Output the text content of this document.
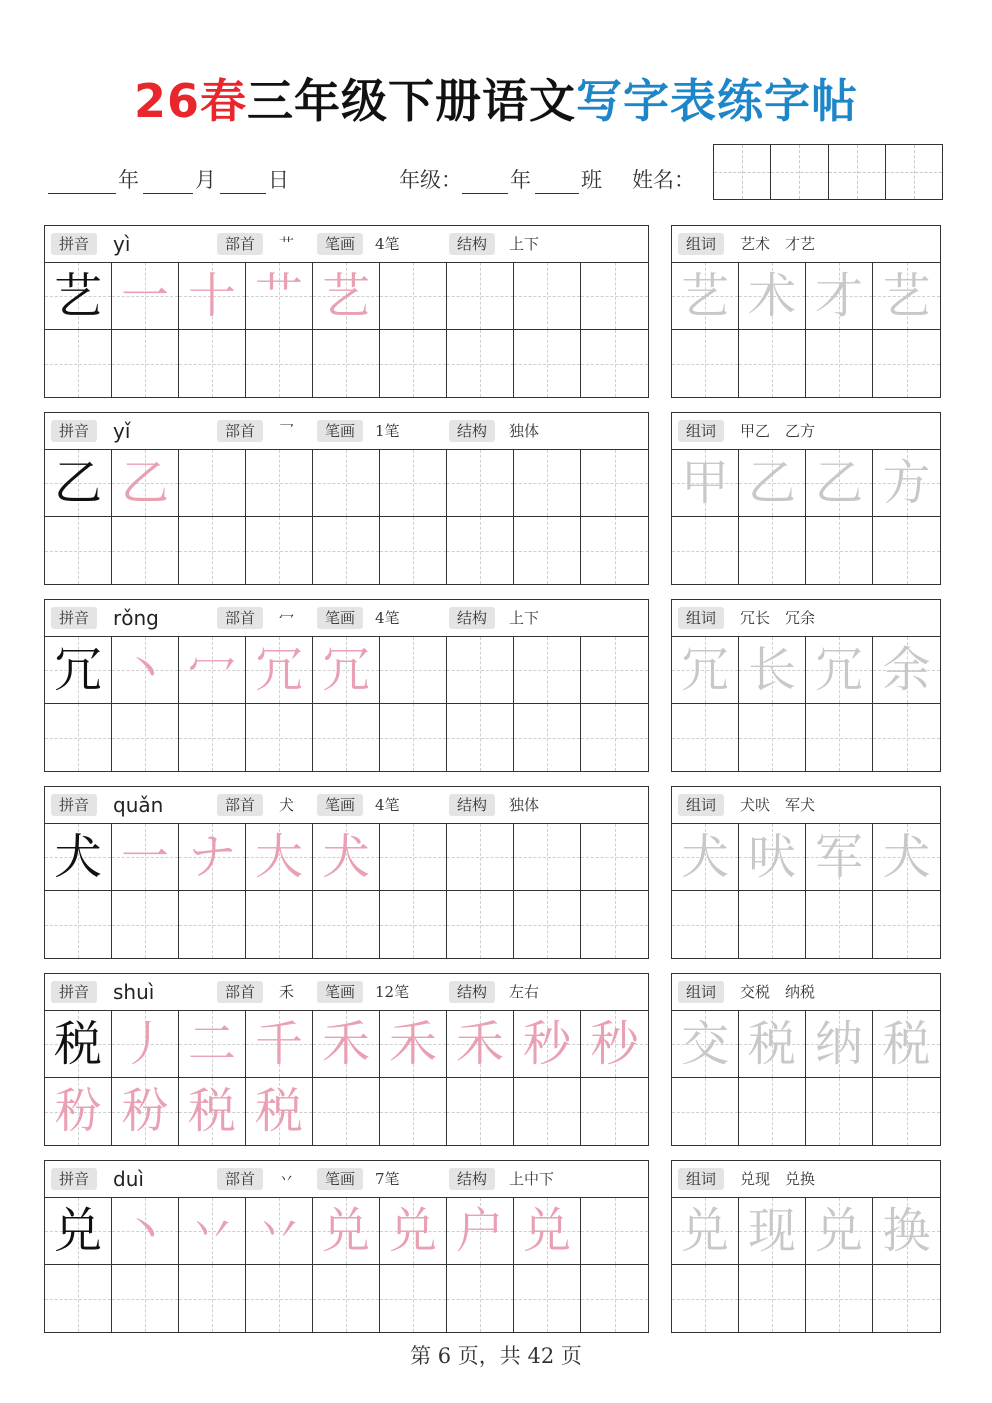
26春三年级下册语文写字表练字帖
年	月 日	年级： 年 班 姓名：
拼音	yì	部首	艹	笔画	4笔	结构	上下
艺 一 十 艹 艺
组词	艺术　才艺
艺 术 才 艺
拼音	yǐ	部首	乛	笔画	1笔	结构	独体
乙 乙
组词	甲乙　乙方
甲 乙 乙 方
拼音	rǒng	部首	冖	笔画	4笔	结构	上下
冗 丶 冖 冗 冗
组词	冗长　冗余
冗 长 冗 余
拼音	quǎn	部首	犬	笔画	4笔	结构	独体
犬 一 ナ 大 犬
组词	犬吠　军犬
犬 吠 军 犬
拼音	shuì	部首	禾	笔画	12笔	结构	左右
税 丿 二 千 禾 禾 禾 秒 秒
秎 秎 税 税
组词	交税　纳税
交 税 纳 税
拼音	duì	部首	丷	笔画	7笔	结构	上中下
兑 丶 丷 丷 兑 兑 户 兑
组词	兑现　兑换
兑 现 兑 换
第 6 页，共 42 页
